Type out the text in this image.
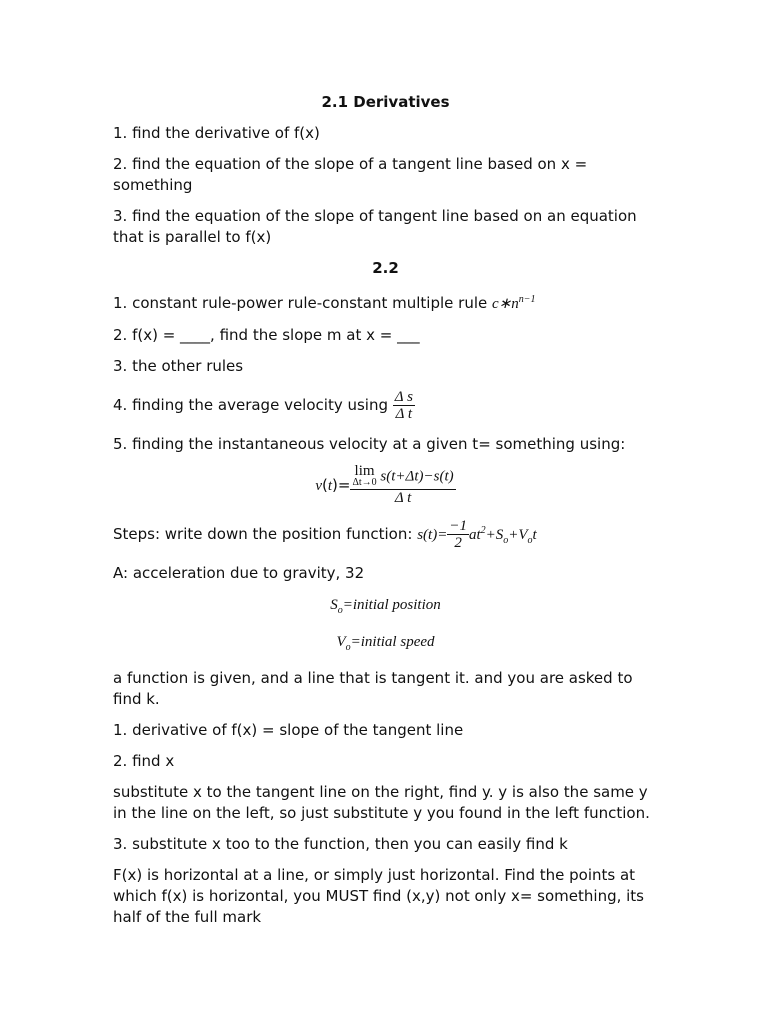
2.1 Derivatives
1. find the derivative of f(x)
2. find the equation of the slope of a tangent line based on x = something
3. find the equation of the slope of tangent line based on an equation that is parallel to f(x)
2.2
1. constant rule-power rule-constant multiple rule $c∗n^{n-1}$
2. f(x) = ____, find the slope m at x = ___
3. the other rules
4. finding the average velocity using $\frac{\text{Δ s}}{\text{Δ t}}$
5. finding the instantaneous velocity at a given t= something using:
v(t)= lim
Δt→0 s(t+Δt)−s(t)
Δ t
Steps: write down the position function: $s(t)= \frac{-1}{2} at^2+S_o+V_ot$
A: acceleration due to gravity, 32
$S_o=initial$ position
$V_o=initial$ speed
a function is given, and a line that is tangent it. and you are asked to find k.
1. derivative of f(x) = slope of the tangent line
2. find x
substitute x to the tangent line on the right, find y. y is also the same y in the line on the left, so just substitute y you found in the left function.
3. substitute x too to the function, then you can easily find k
F(x) is horizontal at a line, or simply just horizontal. Find the points at which f(x) is horizontal, you MUST find (x,y) not only x= something, its half of the full mark
